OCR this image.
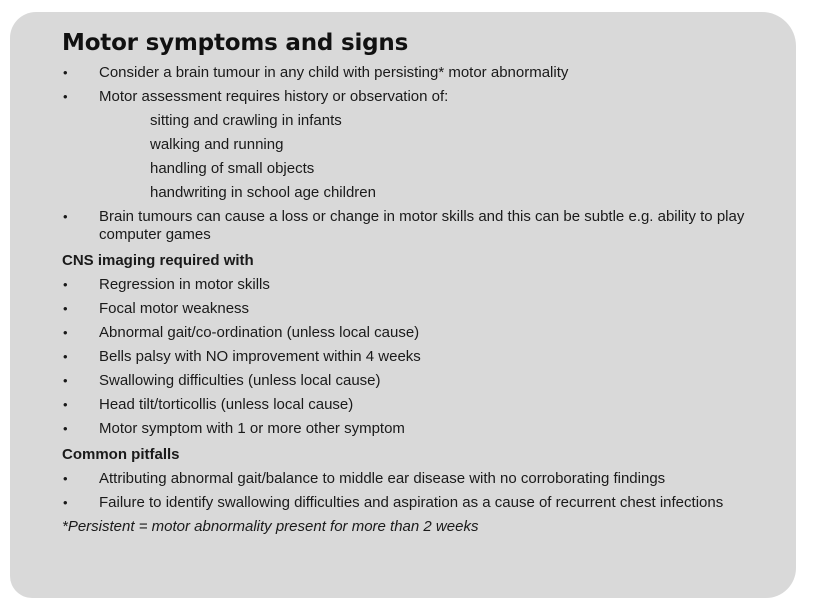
Motor symptoms and signs
• Consider a brain tumour in any child with persisting* motor abnormality
• Motor assessment requires history or observation of:
sitting and crawling in infants
walking and running
handling of small objects
handwriting in school age children
• Brain tumours can cause a loss or change in motor skills and this can be subtle e.g. ability to play computer games
CNS imaging required with
• Regression in motor skills
• Focal motor weakness
• Abnormal gait/co-ordination (unless local cause)
• Bells palsy with NO improvement within 4 weeks
• Swallowing difficulties (unless local cause)
• Head tilt/torticollis (unless local cause)
• Motor symptom with 1 or more other symptom
Common pitfalls
• Attributing abnormal gait/balance to middle ear disease with no corroborating findings
• Failure to identify swallowing difficulties and aspiration as a cause of recurrent chest infections
*Persistent = motor abnormality present for more than 2 weeks
